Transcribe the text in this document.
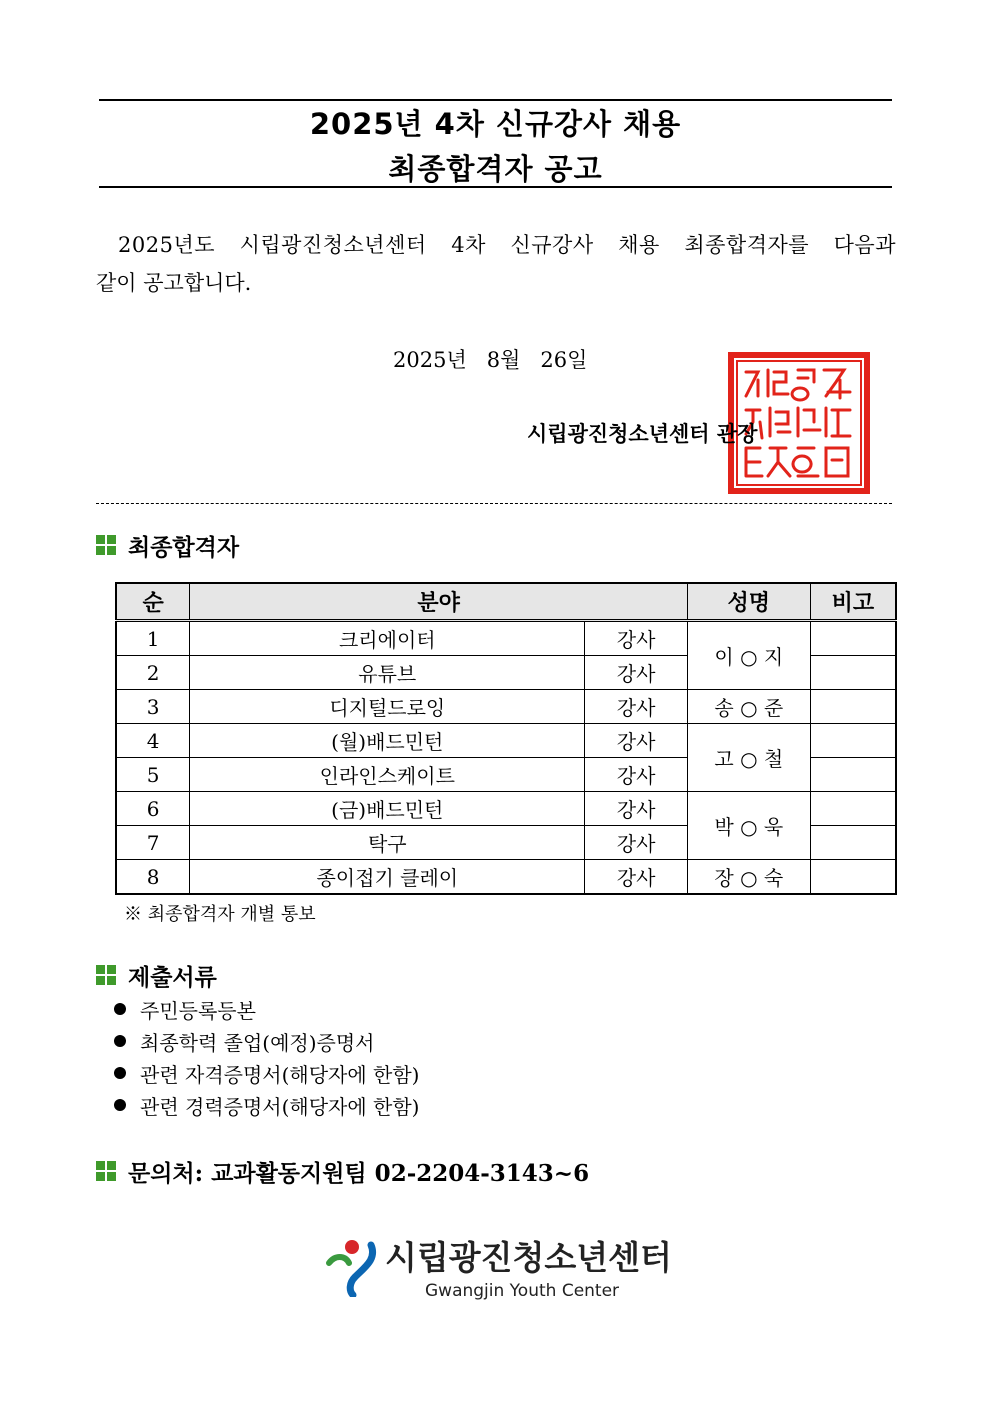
2025년 4차 신규강사 채용
최종합격자 공고
2025년도 시립광진청소년센터 4차 신규강사 채용 최종합격자를 다음과
같이 공고합니다.
2025년 8월 26일
시립광진청소년센터 관장
최종합격자
순	분야		성명	비고
1	크리에이터	강사	이 ○ 지	
2	유튜브	강사		
3	디지털드로잉	강사	송 ○ 준	
4	(월)배드민턴	강사	고 ○ 철	
5	인라인스케이트	강사		
6	(금)배드민턴	강사	박 ○ 욱	
7	탁구	강사		
8	종이접기 클레이	강사	장 ○ 숙	
※ 최종합격자 개별 통보
제출서류
주민등록등본
최종학력 졸업(예정)증명서
관련 자격증명서(해당자에 한함)
관련 경력증명서(해당자에 한함)
문의처: 교과활동지원팀 02-2204-3143~6
시립광진청소년센터
Gwangjin Youth Center
